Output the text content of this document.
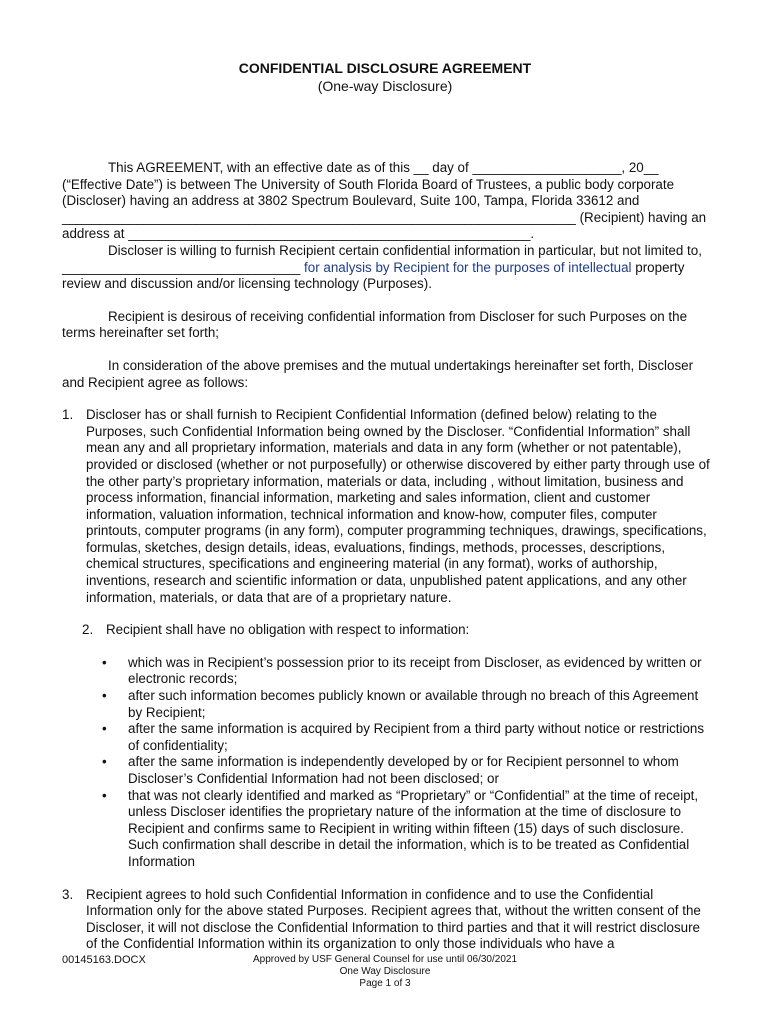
CONFIDENTIAL DISCLOSURE AGREEMENT
(One-way Disclosure)

This AGREEMENT, with an effective date as of this __ day of ____________________, 20__ (“Effective Date”) is between The University of South Florida Board of Trustees, a public body corporate (Discloser) having an address at 3802 Spectrum Boulevard, Suite 100, Tampa, Florida 33612 and _____________________________________________________________________ (Recipient) having an address at ______________________________________________________.

Discloser is willing to furnish Recipient certain confidential information in particular, but not limited to, ________________________________ for analysis by Recipient for the purposes of intellectual property review and discussion and/or licensing technology (Purposes).

Recipient is desirous of receiving confidential information from Discloser for such Purposes on the terms hereinafter set forth;

In consideration of the above premises and the mutual undertakings hereinafter set forth, Discloser and Recipient agree as follows:

1. Discloser has or shall furnish to Recipient Confidential Information (defined below) relating to the Purposes, such Confidential Information being owned by the Discloser. “Confidential Information” shall mean any and all proprietary information, materials and data in any form (whether or not patentable), provided or disclosed (whether or not purposefully) or otherwise discovered by either party through use of the other party’s proprietary information, materials or data, including , without limitation, business and process information, financial information, marketing and sales information, client and customer information, valuation information, technical information and know-how, computer files, computer printouts, computer programs (in any form), computer programming techniques, drawings, specifications, formulas, sketches, design details, ideas, evaluations, findings, methods, processes, descriptions, chemical structures, specifications and engineering material (in any format), works of authorship, inventions, research and scientific information or data, unpublished patent applications, and any other information, materials, or data that are of a proprietary nature.
2. Recipient shall have no obligation with respect to information:
•	which was in Recipient’s possession prior to its receipt from Discloser, as evidenced by written or electronic records;
•	after such information becomes publicly known or available through no breach of this Agreement by Recipient;
•	after the same information is acquired by Recipient from a third party without notice or restrictions of confidentiality;
•	after the same information is independently developed by or for Recipient personnel to whom Discloser’s Confidential Information had not been disclosed; or
•	that was not clearly identified and marked as “Proprietary” or “Confidential” at the time of receipt, unless Discloser identifies the proprietary nature of the information at the time of disclosure to Recipient and confirms same to Recipient in writing within fifteen (15) days of such disclosure. Such confirmation shall describe in detail the information, which is to be treated as Confidential Information
3. Recipient agrees to hold such Confidential Information in confidence and to use the Confidential Information only for the above stated Purposes. Recipient agrees that, without the written consent of the Discloser, it will not disclose the Confidential Information to third parties and that it will restrict disclosure of the Confidential Information within its organization to only those individuals who have a
00145163.DOCX	Approved by USF General Counsel for use until 06/30/2021
One Way Disclosure
Page 1 of 3
